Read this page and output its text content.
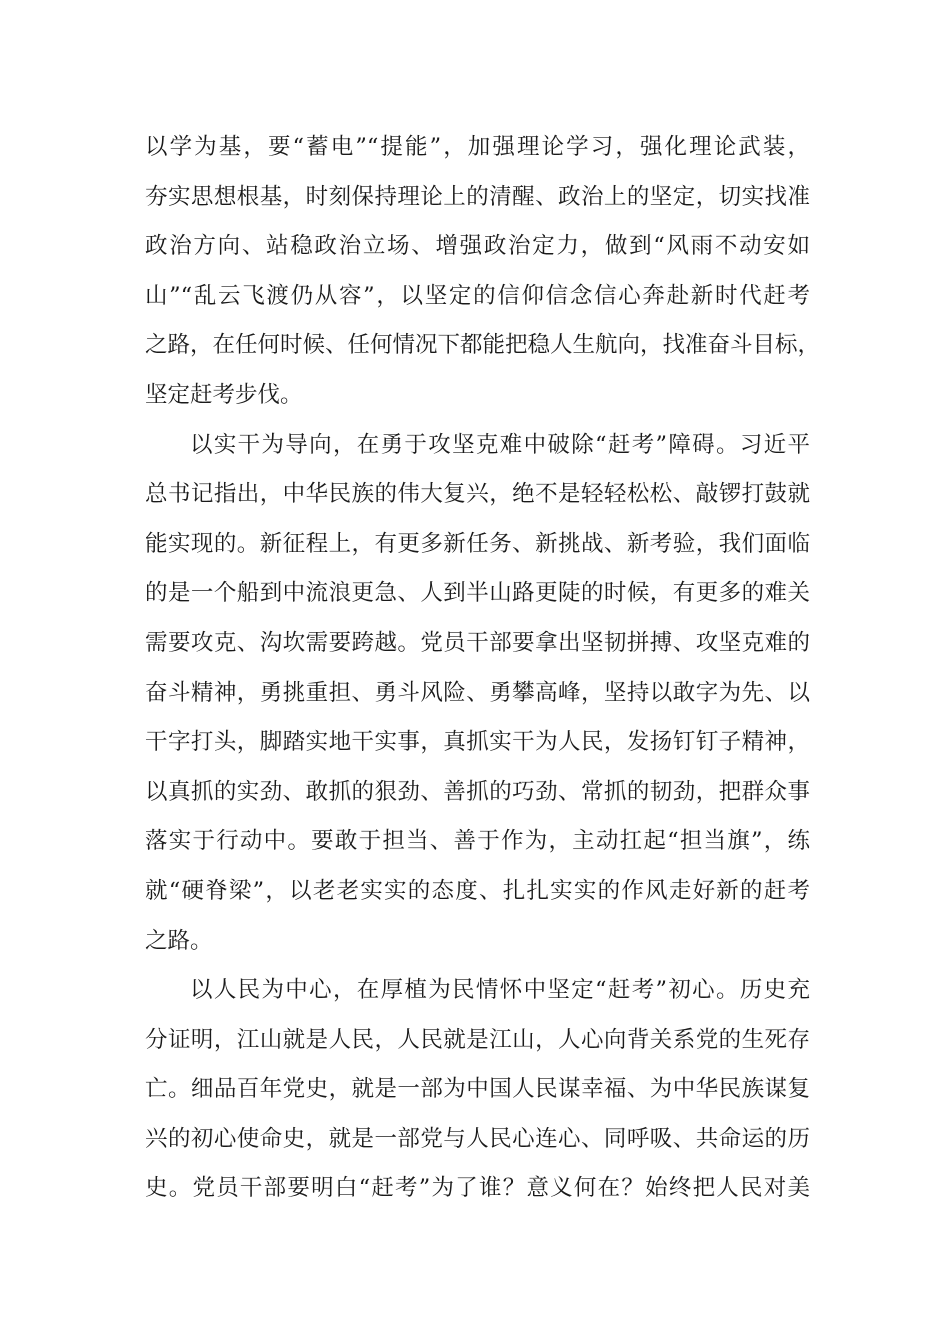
以学为基，要“蓄电”“提能”，加强理论学习，强化理论武装，
夯实思想根基，时刻保持理论上的清醒、政治上的坚定，切实找准
政治方向、站稳政治立场、增强政治定力，做到“风雨不动安如
山”“乱云飞渡仍从容”，以坚定的信仰信念信心奔赴新时代赶考
之路，在任何时候、任何情况下都能把稳人生航向，找准奋斗目标，
坚定赶考步伐。
以实干为导向，在勇于攻坚克难中破除“赶考”障碍。习近平
总书记指出，中华民族的伟大复兴，绝不是轻轻松松、敲锣打鼓就
能实现的。新征程上，有更多新任务、新挑战、新考验，我们面临
的是一个船到中流浪更急、人到半山路更陡的时候，有更多的难关
需要攻克、沟坎需要跨越。党员干部要拿出坚韧拼搏、攻坚克难的
奋斗精神，勇挑重担、勇斗风险、勇攀高峰，坚持以敢字为先、以
干字打头，脚踏实地干实事，真抓实干为人民，发扬钉钉子精神，
以真抓的实劲、敢抓的狠劲、善抓的巧劲、常抓的韧劲，把群众事
落实于行动中。要敢于担当、善于作为，主动扛起“担当旗”，练
就“硬脊梁”，以老老实实的态度、扎扎实实的作风走好新的赶考
之路。
以人民为中心，在厚植为民情怀中坚定“赶考”初心。历史充
分证明，江山就是人民，人民就是江山，人心向背关系党的生死存
亡。细品百年党史，就是一部为中国人民谋幸福、为中华民族谋复
兴的初心使命史，就是一部党与人民心连心、同呼吸、共命运的历
史。党员干部要明白“赶考”为了谁？意义何在？始终把人民对美
